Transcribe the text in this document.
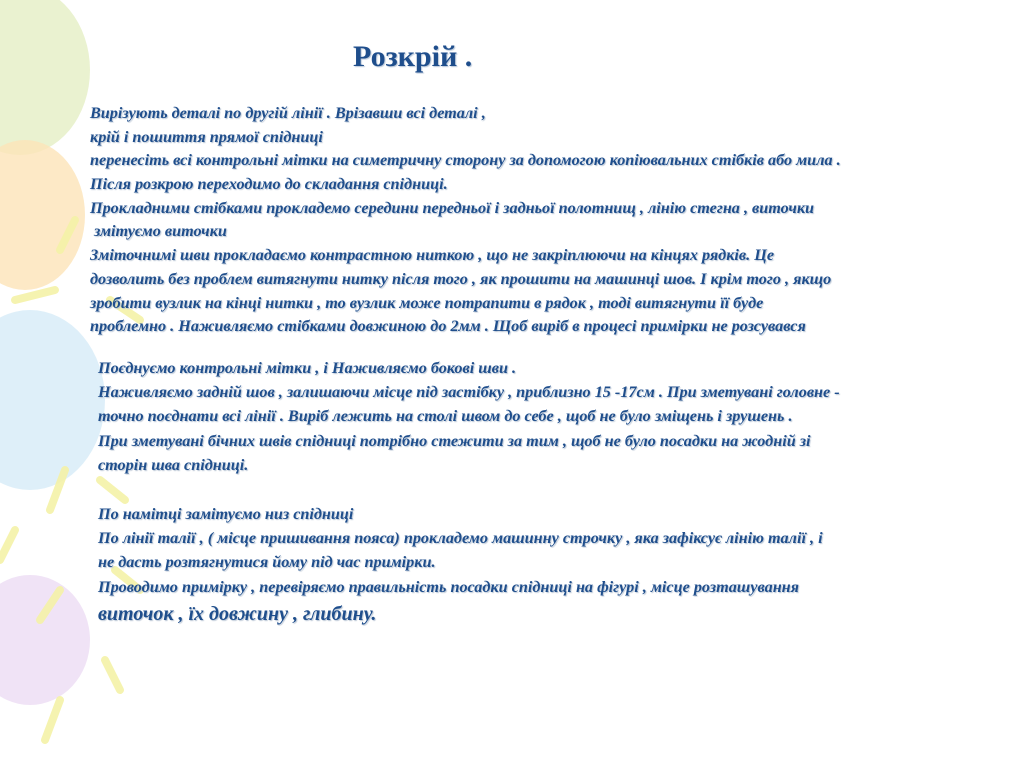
Розкрій .
Вирізують деталі по другій лінії . Врізавши всі деталі ,
крій і пошиття прямої спідниці
перенесіть всі контрольні мітки на симетричну сторону за допомогою копіювальних стібків або мила .
Після розкрою переходимо до складання спідниці.
Прокладними стібками прокладемо середини передньої і задньої полотнищ , лінію стегна , виточки
змітуємо виточки
Зміточнимі шви прокладаємо контрастною ниткою , що не закріплюючи на кінцях рядків. Це
дозволить без проблем витягнути нитку після того , як прошити на машинці шов. І крім того , якщо
зробити вузлик на кінці нитки , то вузлик може потрапити в рядок , тоді витягнути її буде
проблемно . Наживляємо стібками довжиною до 2мм . Щоб виріб в процесі примірки не розсувався
Поєднуємо контрольні мітки , і Наживляємо бокові шви .
Наживляємо задній шов , залишаючи місце під застібку , приблизно 15 -17см . При зметувані головне -
точно поєднати всі лінії . Виріб лежить на столі швом до себе , щоб не було зміщень і зрушень .
При зметувані бічних швів спідниці потрібно стежити за тим , щоб не було посадки на жодній зі
сторін шва спідниці.
По намітці замітуємо низ спідниці
По лінії талії , ( місце пришивання пояса) прокладемо машинну строчку , яка зафіксує лінію талії , і
не дасть розтягнутися йому під час примірки.
Проводимо примірку , перевіряємо правильність посадки спідниці на фігурі , місце розташування
виточок , їх довжину , глибину.
